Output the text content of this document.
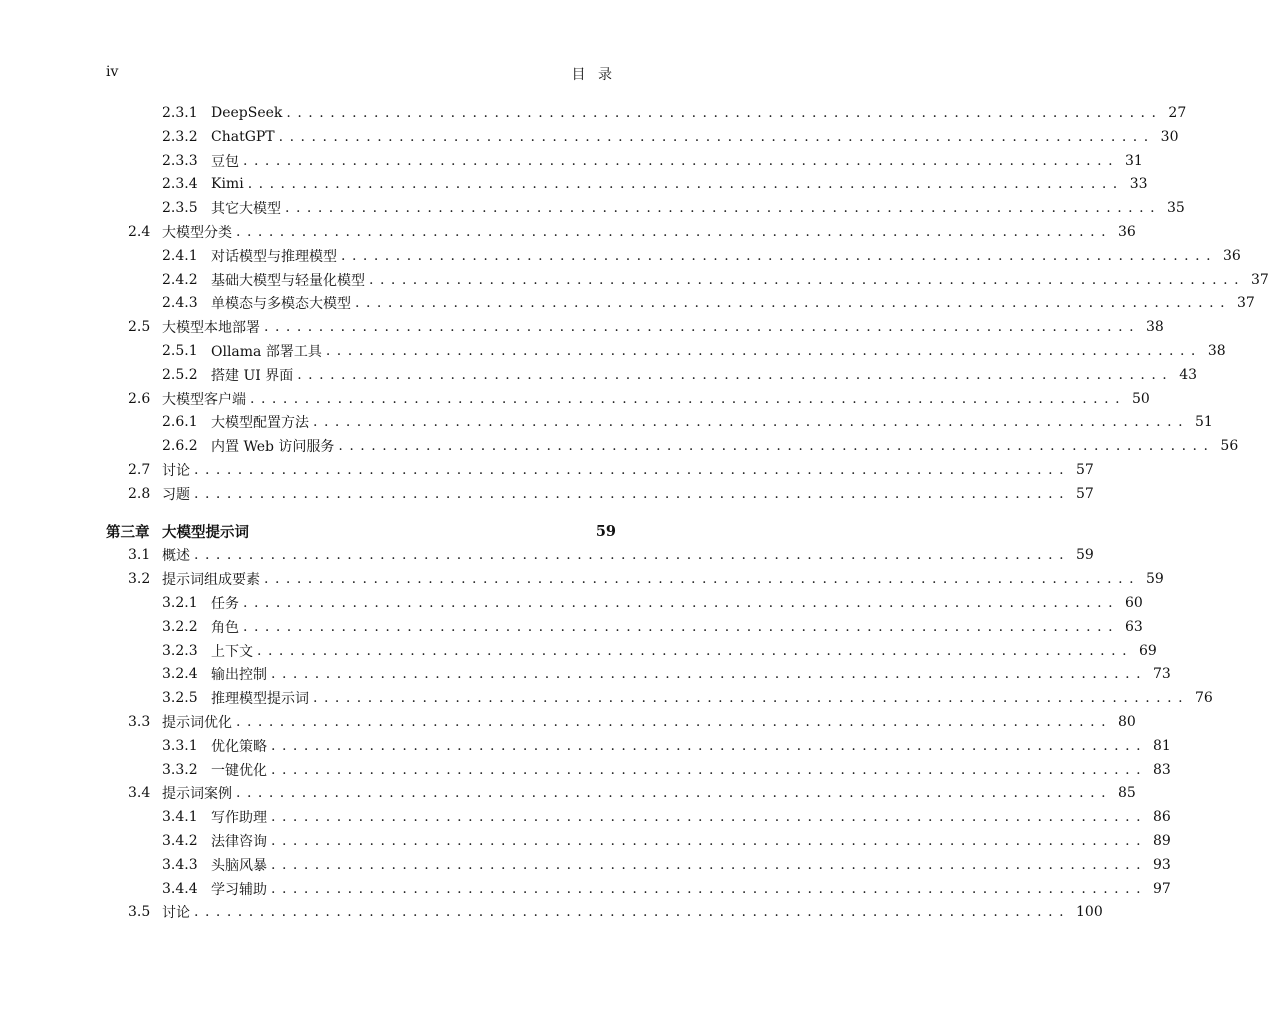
iv	目 录
2.3.1 DeepSeek ................................................................................ 27
2.3.2 ChatGPT ................................................................................ 30
2.3.3 豆包 ................................................................................ 31
2.3.4 Kimi ................................................................................ 33
2.3.5 其它大模型 ................................................................................ 35
2.4 大模型分类 ................................................................................ 36
2.4.1 对话模型与推理模型 ................................................................................ 36
2.4.2 基础大模型与轻量化模型 ................................................................................ 37
2.4.3 单模态与多模态大模型 ................................................................................ 37
2.5 大模型本地部署 ................................................................................ 38
2.5.1 Ollama 部署工具 ................................................................................ 38
2.5.2 搭建 UI 界面 ................................................................................ 43
2.6 大模型客户端 ................................................................................ 50
2.6.1 大模型配置方法 ................................................................................ 51
2.6.2 内置 Web 访问服务 ................................................................................ 56
2.7 讨论 ................................................................................ 57
2.8 习题 ................................................................................ 57
第三章 大模型提示词	59
3.1 概述 ................................................................................ 59
3.2 提示词组成要素 ................................................................................ 59
3.2.1 任务 ................................................................................ 60
3.2.2 角色 ................................................................................ 63
3.2.3 上下文 ................................................................................ 69
3.2.4 输出控制 ................................................................................ 73
3.2.5 推理模型提示词 ................................................................................ 76
3.3 提示词优化 ................................................................................ 80
3.3.1 优化策略 ................................................................................ 81
3.3.2 一键优化 ................................................................................ 83
3.4 提示词案例 ................................................................................ 85
3.4.1 写作助理 ................................................................................ 86
3.4.2 法律咨询 ................................................................................ 89
3.4.3 头脑风暴 ................................................................................ 93
3.4.4 学习辅助 ................................................................................ 97
3.5 讨论 ................................................................................ 100
